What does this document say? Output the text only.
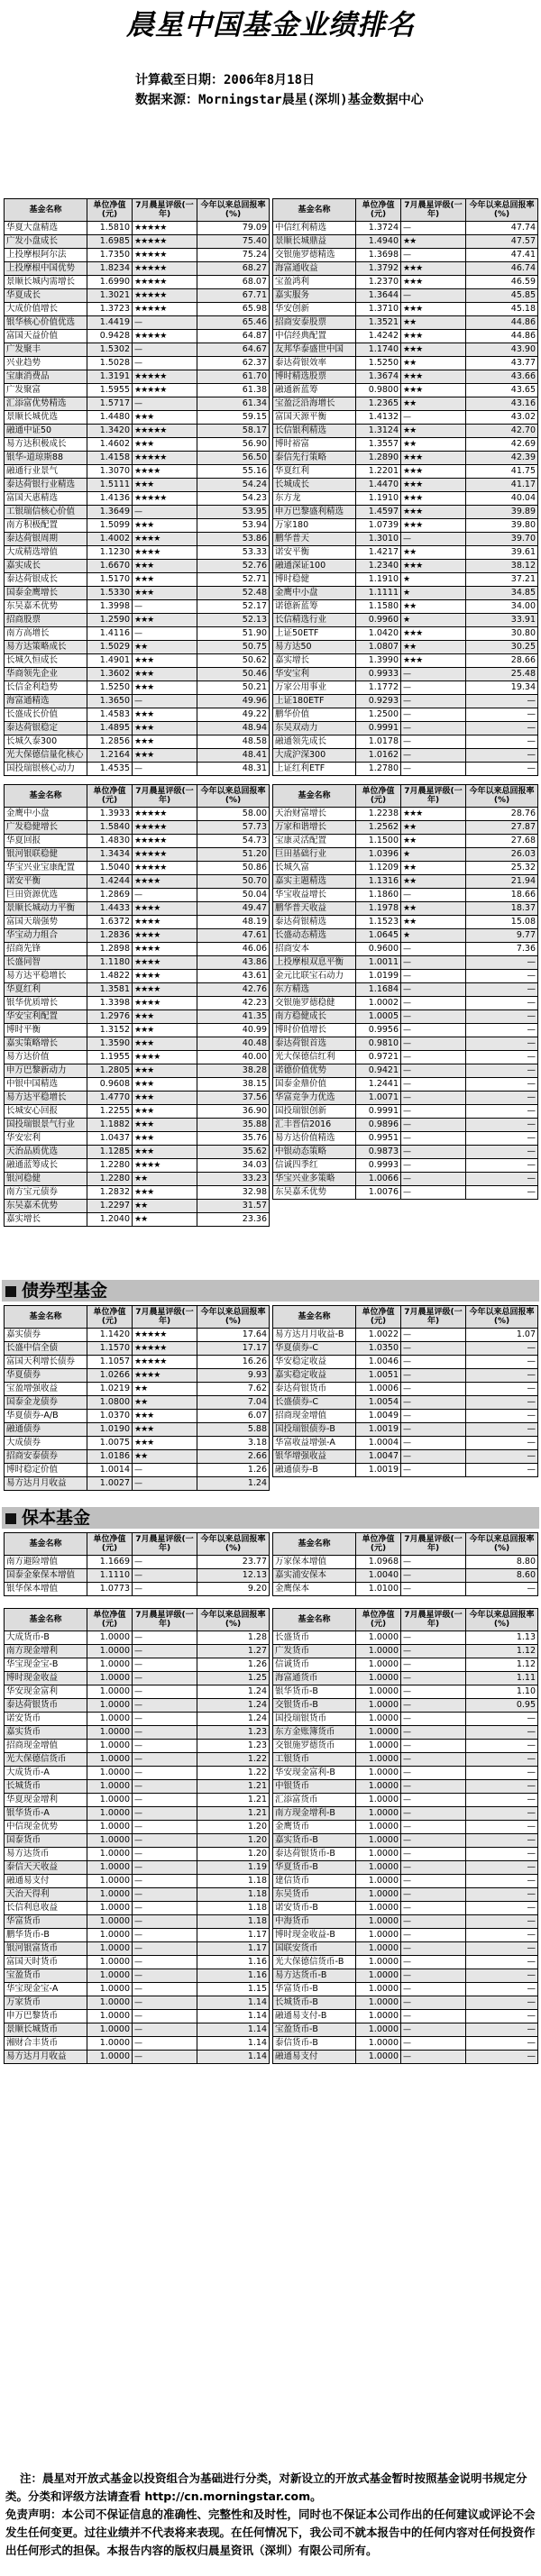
晨星中国基金业绩排名
计算截至日期：2006年8月18日
数据来源：Morningstar晨星(深圳)基金数据中心
基金名称	单位净值(元)	7月晨星评级(一年)	今年以来总回报率(%)
华夏大盘精选	1.5810	★★★★★	79.09
广发小盘成长	1.6985	★★★★★	75.40
上投摩根阿尔法	1.7350	★★★★★	75.24
上投摩根中国优势	1.8234	★★★★★	68.27
景顺长城内需增长	1.6990	★★★★★	68.07
华夏成长	1.3021	★★★★★	67.71
大成价值增长	1.3723	★★★★★	65.98
银华核心价值优选	1.4419	—	65.46
富国天益价值	0.9428	★★★★★	64.87
广发聚丰	1.5302	—	64.67
兴业趋势	1.5028	—	62.37
宝康消费品	1.3191	★★★★★	61.70
广发聚富	1.5955	★★★★★	61.38
汇添富优势精选	1.5717	—	61.34
景顺长城优选	1.4480	★★★	59.15
融通中证50	1.3420	★★★★★	58.17
易方达积极成长	1.4602	★★★	56.90
银华-道琼斯88	1.4158	★★★★★	56.50
融通行业景气	1.3070	★★★★	55.16
泰达荷银行业精选	1.5111	★★★	54.24
富国天惠精选	1.4136	★★★★★	54.23
工银瑞信核心价值	1.3649	—	53.95
南方积极配置	1.5099	★★★	53.94
泰达荷银周期	1.4002	★★★★	53.86
大成精选增值	1.1230	★★★★	53.33
嘉实成长	1.6670	★★★	52.76
泰达荷银成长	1.5170	★★★	52.71
国泰金鹰增长	1.5330	★★★	52.48
东吴嘉禾优势	1.3998	—	52.17
招商股票	1.2590	★★★	52.13
南方高增长	1.4116	—	51.90
易方达策略成长	1.5029	★★	50.75
长城久恒成长	1.4901	★★★	50.62
华商领先企业	1.3602	★★★	50.46
长信金利趋势	1.5250	★★★	50.21
海富通精选	1.3650	—	49.96
长盛成长价值	1.4583	★★★	49.22
泰达荷银稳定	1.4895	★★★	48.94
长城久泰300	1.2856	★★★	48.58
光大保德信量化核心	1.2164	★★★	48.41
国投瑞银核心动力	1.4535	—	48.31
基金名称	单位净值(元)	7月晨星评级(一年)	今年以来总回报率(%)
中信红利精选	1.3724	—	47.74
景顺长城鼎益	1.4940	★★	47.57
交银施罗德精选	1.3698	—	47.41
海富通收益	1.3792	★★★	46.74
宝盈鸿利	1.2370	★★★	46.59
嘉实服务	1.3644	—	45.85
华安创新	1.3710	★★★	45.18
招商安泰股票	1.3521	★★	44.86
中信经典配置	1.4242	★★★	44.86
友邦华泰盛世中国	1.1740	★★★	43.90
泰达荷银效率	1.5250	★★	43.77
博时精选股票	1.3674	★★★	43.66
融通新蓝筹	0.9800	★★★	43.65
宝盈泛沿海增长	1.2365	★★	43.16
富国天源平衡	1.4132	—	43.02
长信银利精选	1.3124	★★	42.70
博时裕富	1.3557	★★	42.69
泰信先行策略	1.2890	★★★	42.39
华夏红利	1.2201	★★★	41.75
长城成长	1.4470	★★★	41.17
东方龙	1.1910	★★★	40.04
申万巴黎盛利精选	1.4597	★★★	39.89
万家180	1.0739	★★★	39.80
鹏华普天	1.3010	—	39.70
诺安平衡	1.4217	★★	39.61
融通深证100	1.2340	★★★	38.12
博时稳健	1.1910	★	37.21
金鹰中小盘	1.1111	★	34.85
诺德新蓝筹	1.1580	★★	34.00
长信精选行业	0.9960	★	33.91
上证50ETF	1.0420	★★★	30.80
易方达50	1.0807	★★	30.25
嘉实增长	1.3990	★★★	28.66
华安宝利	0.9933	—	25.48
万家公用事业	1.1772	—	19.34
上证180ETF	0.9293	—	—
鹏华价值	1.2500	—	—
东吴双动力	0.9991	—	—
融通领先成长	1.0178	—	—
大成沪深300	1.0162	—	—
上证红利ETF	1.2780	—	—
基金名称	单位净值(元)	7月晨星评级(一年)	今年以来总回报率(%)
金鹰中小盘	1.3933	★★★★★	58.00
广发稳健增长	1.5840	★★★★★	57.73
华夏回报	1.4830	★★★★★	54.73
银河银联稳健	1.3434	★★★★★	51.20
华宝兴业宝康配置	1.5040	★★★★★	50.86
诺安平衡	1.4244	★★★★	50.70
巨田资源优选	1.2869	—	50.04
景顺长城动力平衡	1.4433	★★★★	49.47
富国天瑞强势	1.6372	★★★★	48.19
华宝动力组合	1.2836	★★★★	47.61
招商先锋	1.2898	★★★★	46.06
长盛同智	1.1180	★★★★	43.86
易方达平稳增长	1.4822	★★★★	43.61
华夏红利	1.3581	★★★★	42.76
银华优质增长	1.3398	★★★★	42.23
华安宝利配置	1.2976	★★★	41.35
博时平衡	1.3152	★★★	40.99
嘉实策略增长	1.3590	★★★	40.48
易方达价值	1.1955	★★★★	40.00
申万巴黎新动力	1.2805	★★★	38.28
中银中国精选	0.9608	★★★	38.15
易方达平稳增长	1.4770	★★★	37.56
长城安心回报	1.2255	★★★	36.90
国投瑞银景气行业	1.1882	★★★	35.88
华安宏利	1.0437	★★★	35.76
天治品质优选	1.1285	★★★	35.62
融通蓝筹成长	1.2280	★★★★	34.03
银河稳健	1.2280	★★	33.23
南方宝元债券	1.2832	★★★	32.98
东吴嘉禾优势	1.2297	★★	31.57
嘉实增长	1.2040	★★	23.36
基金名称	单位净值(元)	7月晨星评级(一年)	今年以来总回报率(%)
天治财富增长	1.2238	★★★	28.76
万家和谐增长	1.2562	★★	27.87
宝康灵活配置	1.1500	★★	27.68
巨田基础行业	1.0396	★	26.03
长城久富	1.1209	★★	25.32
嘉实主题精选	1.1316	★★	21.94
华宝收益增长	1.1860	—	18.66
鹏华普天收益	1.1978	★★	18.37
泰达荷银精选	1.1523	★★	15.08
长盛动态精选	1.0645	★	9.77
招商安本	0.9600	—	7.36
上投摩根双息平衡	1.0011	—	—
金元比联宝石动力	1.0199	—	—
东方精选	1.1684	—	—
交银施罗德稳健	1.0002	—	—
南方稳健成长	1.0005	—	—
博时价值增长	0.9956	—	—
泰达荷银首选	0.9810	—	—
光大保德信红利	0.9721	—	—
诺德价值优势	0.9421	—	—
国泰金鼎价值	1.2441	—	—
华富竞争力优选	1.0071	—	—
国投瑞银创新	0.9991	—	—
汇丰晋信2016	0.9896	—	—
易方达价值精选	0.9951	—	—
中银动态策略	0.9873	—	—
信诚四季红	0.9993	—	—
华宝兴业多策略	1.0066	—	—
东吴嘉禾优势	1.0076	—	—
债券型基金
基金名称	单位净值(元)	7月晨星评级(一年)	今年以来总回报率(%)
嘉实债券	1.1420	★★★★★	17.64
长盛中信全债	1.1570	★★★★★	17.17
富国天利增长债券	1.1057	★★★★★	16.26
华夏债券	1.0266	★★★★	9.93
宝盈增强收益	1.0219	★★	7.62
国泰金龙债券	1.0800	★★	7.04
华夏债券-A/B	1.0370	★★★	6.07
融通债券	1.0190	★★★	5.88
大成债券	1.0075	★★★	3.18
招商安泰债券	1.0186	★★	2.66
博时稳定价值	1.0014	—	1.26
易方达月月收益	1.0027	—	1.24
基金名称	单位净值(元)	7月晨星评级(一年)	今年以来总回报率(%)
易方达月月收益-B	1.0022	—	1.07
华夏债券-C	1.0350	—	—
华安稳定收益	1.0046	—	—
嘉实稳定收益	1.0051	—	—
泰达荷银货币	1.0006	—	—
长盛债券-C	1.0054	—	—
招商现金增值	1.0049	—	—
国投瑞银债券-B	1.0019	—	—
华富收益增强-A	1.0004	—	—
银华增强收益	1.0047	—	—
融通债券-B	1.0019	—	—
保本基金
基金名称	单位净值(元)	7月晨星评级(一年)	今年以来总回报率(%)
南方避险增值	1.1669	—	23.77
国泰金象保本增值	1.1110	—	12.13
银华保本增值	1.0773	—	9.20
基金名称	单位净值(元)	7月晨星评级(一年)	今年以来总回报率(%)
万家保本增值	1.0968	—	8.80
嘉实浦安保本	1.0040	—	8.60
金鹰保本	1.0100	—	—
基金名称	单位净值(元)	7月晨星评级(一年)	今年以来总回报率(%)
大成货币-B	1.0000	—	1.28
南方现金增利	1.0000	—	1.27
华宝现金宝-B	1.0000	—	1.26
博时现金收益	1.0000	—	1.25
华安现金富利	1.0000	—	1.24
泰达荷银货币	1.0000	—	1.24
诺安货币	1.0000	—	1.24
嘉实货币	1.0000	—	1.23
招商现金增值	1.0000	—	1.23
光大保德信货币	1.0000	—	1.22
大成货币-A	1.0000	—	1.22
长城货币	1.0000	—	1.21
华夏现金增利	1.0000	—	1.21
银华货币-A	1.0000	—	1.21
中信现金优势	1.0000	—	1.20
国泰货币	1.0000	—	1.20
易方达货币	1.0000	—	1.20
泰信天天收益	1.0000	—	1.19
融通易支付	1.0000	—	1.18
天治天得利	1.0000	—	1.18
长信利息收益	1.0000	—	1.18
华富货币	1.0000	—	1.18
鹏华货币-B	1.0000	—	1.17
银河银富货币	1.0000	—	1.17
富国天时货币	1.0000	—	1.16
宝盈货币	1.0000	—	1.16
华宝现金宝-A	1.0000	—	1.15
万家货币	1.0000	—	1.14
申万巴黎货币	1.0000	—	1.14
景顺长城货币	1.0000	—	1.14
湘财合丰货币	1.0000	—	1.14
易方达月月收益	1.0000	—	1.14
基金名称	单位净值(元)	7月晨星评级(一年)	今年以来总回报率(%)
长盛货币	1.0000	—	1.13
广发货币	1.0000	—	1.12
信诚货币	1.0000	—	1.12
海富通货币	1.0000	—	1.11
银华货币-B	1.0000	—	1.10
交银货币-B	1.0000	—	0.95
国投瑞银货币	1.0000	—	—
东方金账簿货币	1.0000	—	—
交银施罗德货币	1.0000	—	—
工银货币	1.0000	—	—
华安现金富利-B	1.0000	—	—
中银货币	1.0000	—	—
汇添富货币	1.0000	—	—
南方现金增利-B	1.0000	—	—
金鹰货币	1.0000	—	—
嘉实货币-B	1.0000	—	—
泰达荷银货币-B	1.0000	—	—
华夏货币-B	1.0000	—	—
建信货币	1.0000	—	—
东吴货币	1.0000	—	—
诺安货币-B	1.0000	—	—
中海货币	1.0000	—	—
博时现金收益-B	1.0000	—	—
国联安货币	1.0000	—	—
光大保德信货币-B	1.0000	—	—
易方达货币-B	1.0000	—	—
华富货币-B	1.0000	—	—
长城货币-B	1.0000	—	—
融通易支付-B	1.0000	—	—
宝盈货币-B	1.0000	—	—
泰信货币-B	1.0000	—	—
融通易支付	1.0000	—	—

注：晨星对开放式基金以投资组合为基础进行分类，对新设立的开放式基金暂时按照基金说明书规定分类。分类和评级方法请查看 http://cn.morningstar.com。

免责声明：本公司不保证信息的准确性、完整性和及时性，同时也不保证本公司作出的任何建议或评论不会发生任何变更。过往业绩并不代表将来表现。在任何情况下，我公司不就本报告中的任何内容对任何投资作出任何形式的担保。本报告内容的版权归晨星资讯（深圳）有限公司所有。
